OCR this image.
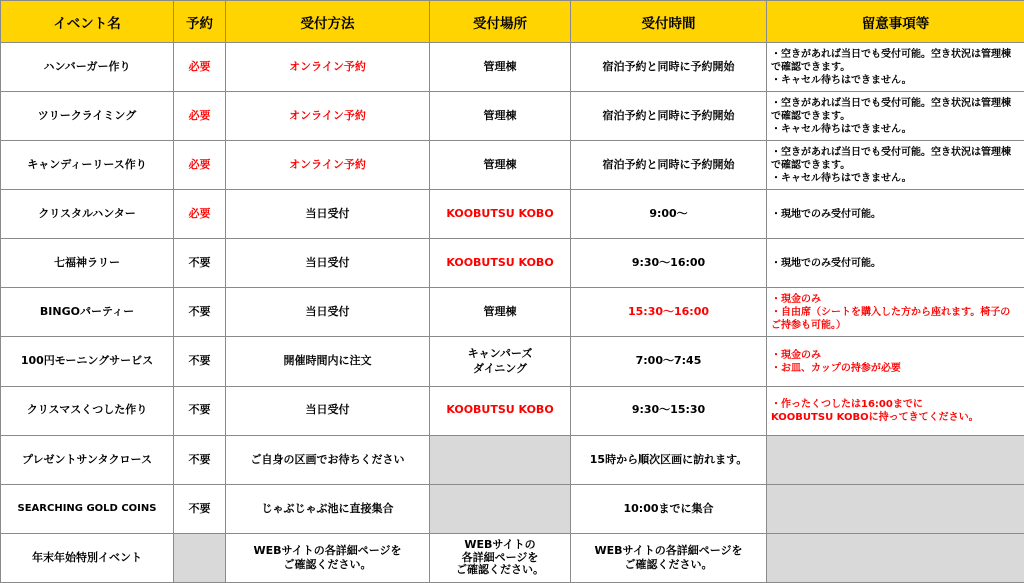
イベント名	予約	受付方法	受付場所	受付時間	留意事項等
ハンバーガー作り	必要	オンライン予約	管理棟	宿泊予約と同時に予約開始	・空きがあれば当日でも受付可能。空き状況は管理棟で確認できます。
・キャセル待ちはできません。
ツリークライミング	必要	オンライン予約	管理棟	宿泊予約と同時に予約開始	・空きがあれば当日でも受付可能。空き状況は管理棟で確認できます。
・キャセル待ちはできません。
キャンディーリース作り	必要	オンライン予約	管理棟	宿泊予約と同時に予約開始	・空きがあれば当日でも受付可能。空き状況は管理棟で確認できます。
・キャセル待ちはできません。
クリスタルハンター	必要	当日受付	KOOBUTSU KOBO	9:00〜	・現地でのみ受付可能。
七福神ラリー	不要	当日受付	KOOBUTSU KOBO	9:30〜16:00	・現地でのみ受付可能。
BINGOパーティー	不要	当日受付	管理棟	15:30〜16:00	・現金のみ
・自由席（シートを購入した方から座れます。椅子のご持参も可能。）
100円モーニングサービス	不要	開催時間内に注文	キャンパーズ
ダイニング	7:00〜7:45	・現金のみ
・お皿、カップの持参が必要
クリスマスくつした作り	不要	当日受付	KOOBUTSU KOBO	9:30〜15:30	・作ったくつしたは16:00までに
KOOBUTSU KOBOに持ってきてください。
プレゼントサンタクロース	不要	ご自身の区画でお待ちください		15時から順次区画に訪れます。	
SEARCHING GOLD COINS	不要	じゃぶじゃぶ池に直接集合		10:00までに集合	
年末年始特別イベント		WEBサイトの各詳細ページを
ご確認ください。	WEBサイトの
各詳細ページを
ご確認ください。	WEBサイトの各詳細ページを
ご確認ください。	
